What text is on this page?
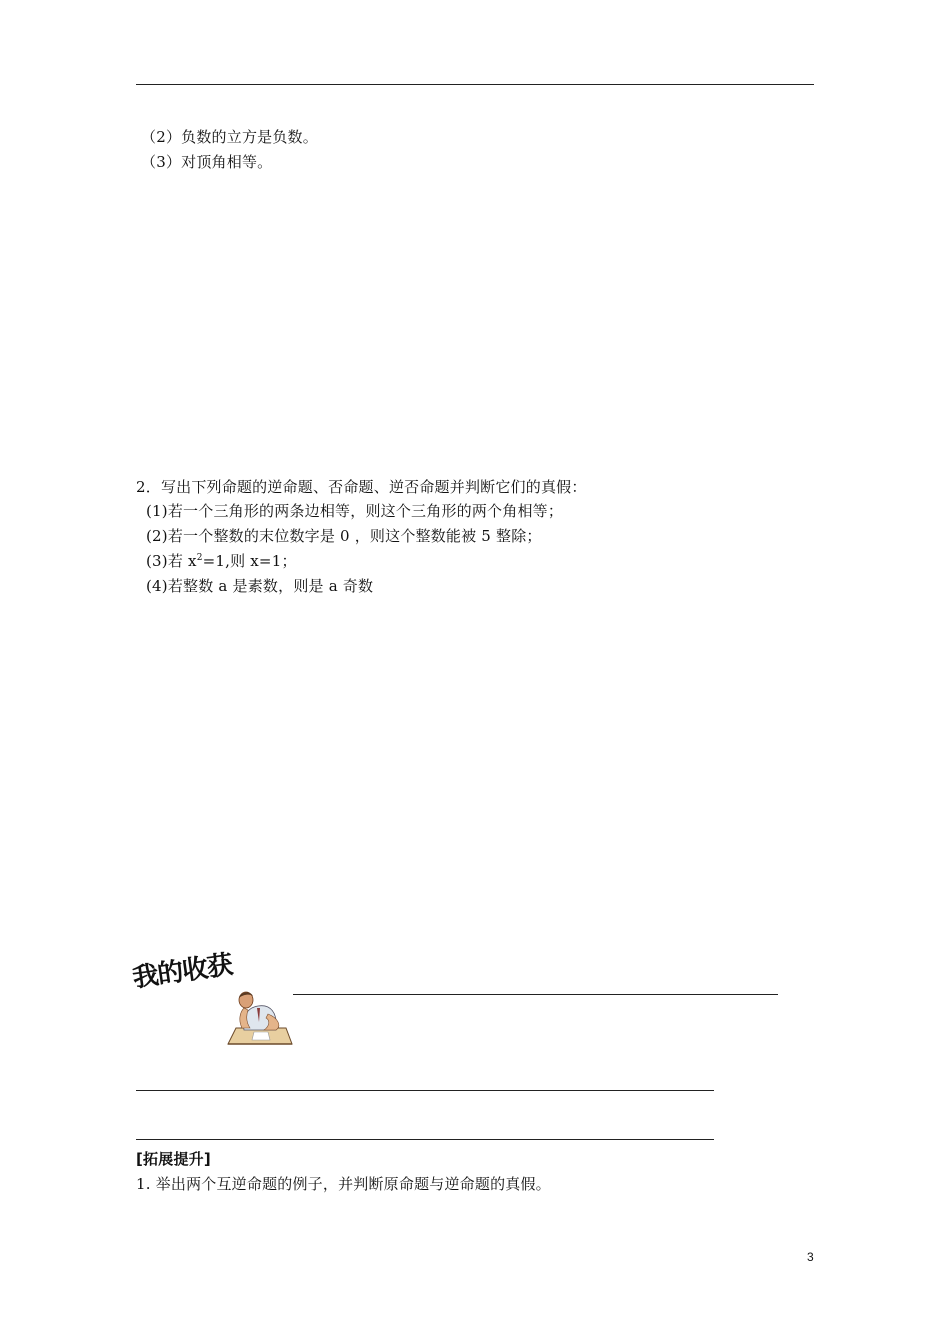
（2）负数的立方是负数。
（3）对顶角相等。
2．写出下列命题的逆命题、否命题、逆否命题并判断它们的真假：
(1)若一个三角形的两条边相等，则这个三角形的两个角相等；
(2)若一个整数的末位数字是 0 ，则这个整数能被 5 整除；
(3)若 $x^2=1$,则 x=1；
(4)若整数 a 是素数，则是 a 奇数
我的收获
[拓展提升]
1. 举出两个互逆命题的例子，并判断原命题与逆命题的真假。
3
